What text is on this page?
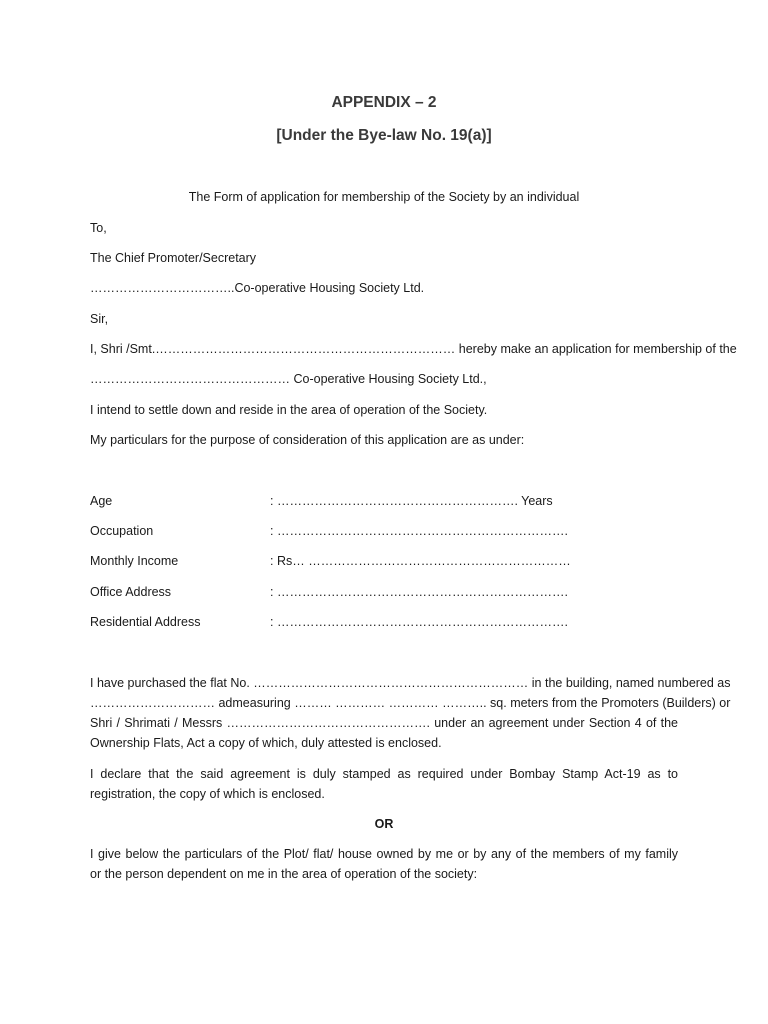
APPENDIX – 2
[Under the Bye-law No. 19(a)]
The Form of application for membership of the Society by an individual
To,
The Chief Promoter/Secretary
……………………………..Co-operative Housing Society Ltd.
Sir,
I, Shri /Smt.……………………………………………………………… hereby make an application for membership of the
………………………………………… Co-operative Housing Society Ltd.,
I intend to settle down and reside in the area of operation of the Society.
My particulars for the purpose of consideration of this application are as under:
Age	: …………………………………………………. Years
Occupation	: …………………………………………………………….
Monthly Income	: Rs… ………………………………………………………
Office Address	: …………………………………………………………….
Residential Address	: …………………………………………………………….
I have purchased the flat No. ………………………………………………………… in the building, named numbered as
………………………… admeasuring ……… ………… ………… ……….. sq. meters from the Promoters (Builders) or
Shri / Shrimati / Messrs …………………………………………. under an agreement under Section 4 of the
Ownership Flats, Act a copy of which, duly attested is enclosed.
I declare that the said agreement is duly stamped as required under Bombay Stamp Act-19 as to
registration, the copy of which is enclosed.
OR
I give below the particulars of the Plot/ flat/ house owned by me or by any of the members of my family
or the person dependent on me in the area of operation of the society:
